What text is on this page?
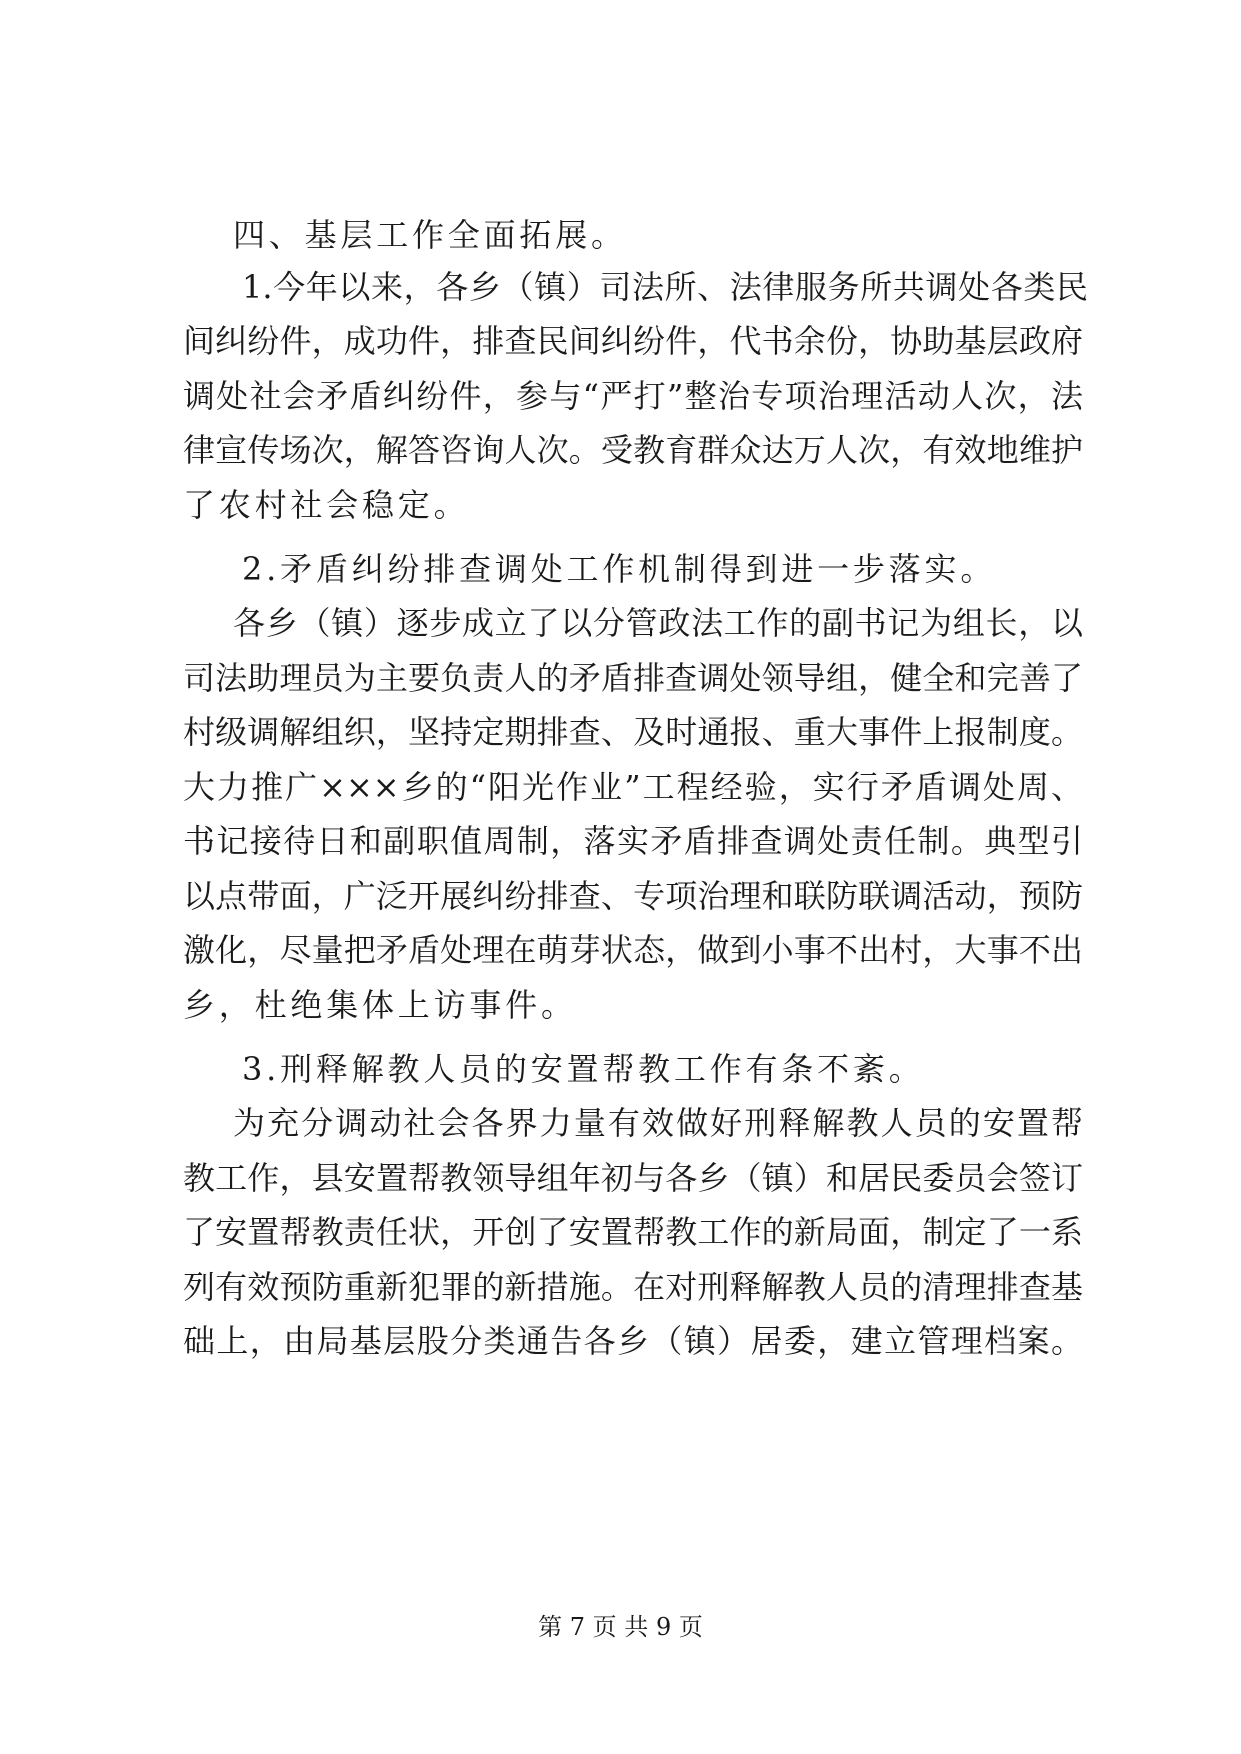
四、基层工作全面拓展。

1.今年以来，各乡（镇）司法所、法律服务所共调处各类民

间纠纷件，成功件，排查民间纠纷件，代书余份，协助基层政府

调处社会矛盾纠纷件，参与“严打”整治专项治理活动人次，法

律宣传场次，解答咨询人次。受教育群众达万人次，有效地维护

了农村社会稳定。

2.矛盾纠纷排查调处工作机制得到进一步落实。

各乡（镇）逐步成立了以分管政法工作的副书记为组长，以

司法助理员为主要负责人的矛盾排查调处领导组，健全和完善了

村级调解组织，坚持定期排查、及时通报、重大事件上报制度。

大力推广×××乡的“阳光作业”工程经验，实行矛盾调处周、

书记接待日和副职值周制，落实矛盾排查调处责任制。典型引

以点带面，广泛开展纠纷排查、专项治理和联防联调活动，预防

激化，尽量把矛盾处理在萌芽状态，做到小事不出村，大事不出

乡，杜绝集体上访事件。

3.刑释解教人员的安置帮教工作有条不紊。

为充分调动社会各界力量有效做好刑释解教人员的安置帮

教工作，县安置帮教领导组年初与各乡（镇）和居民委员会签订

了安置帮教责任状，开创了安置帮教工作的新局面，制定了一系

列有效预防重新犯罪的新措施。在对刑释解教人员的清理排查基

础上，由局基层股分类通告各乡（镇）居委，建立管理档案。

第 7 页 共 9 页
